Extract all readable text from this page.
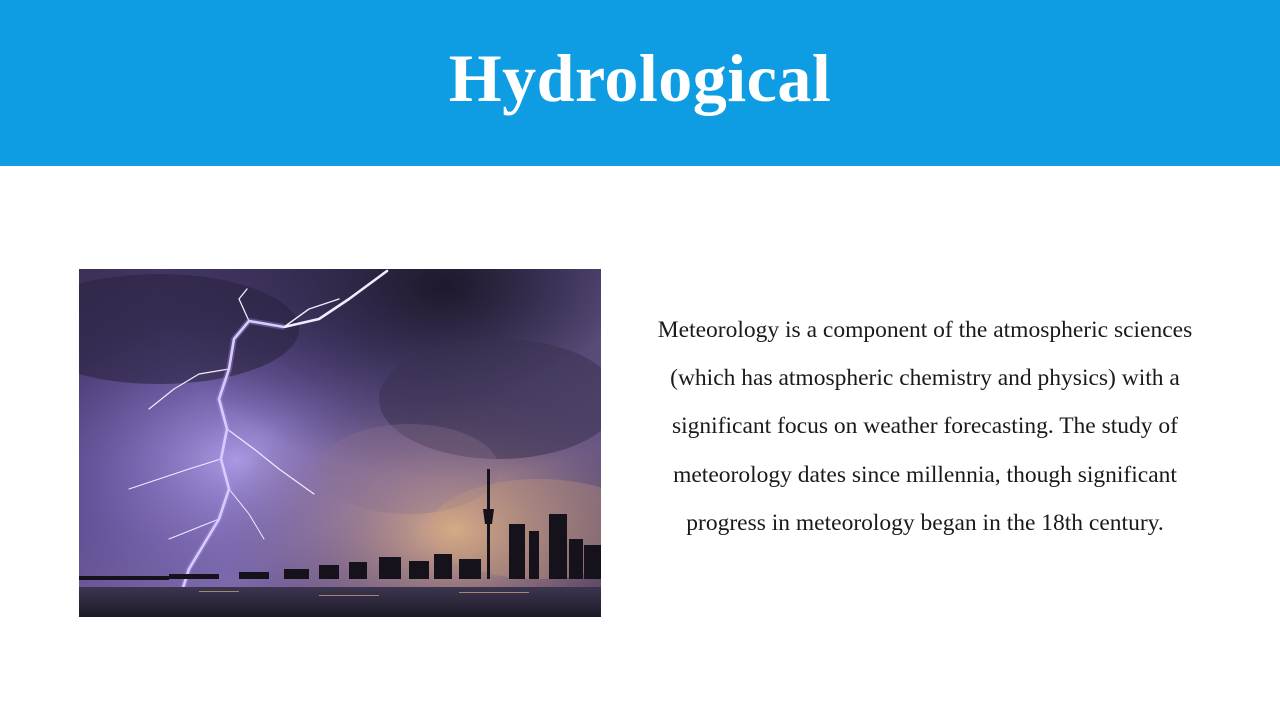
Hydrological

Meteorology is a component of the atmospheric sciences (which has atmospheric chemistry and physics) with a significant focus on weather forecasting. The study of meteorology dates since millennia, though significant progress in meteorology began in the 18th century.
